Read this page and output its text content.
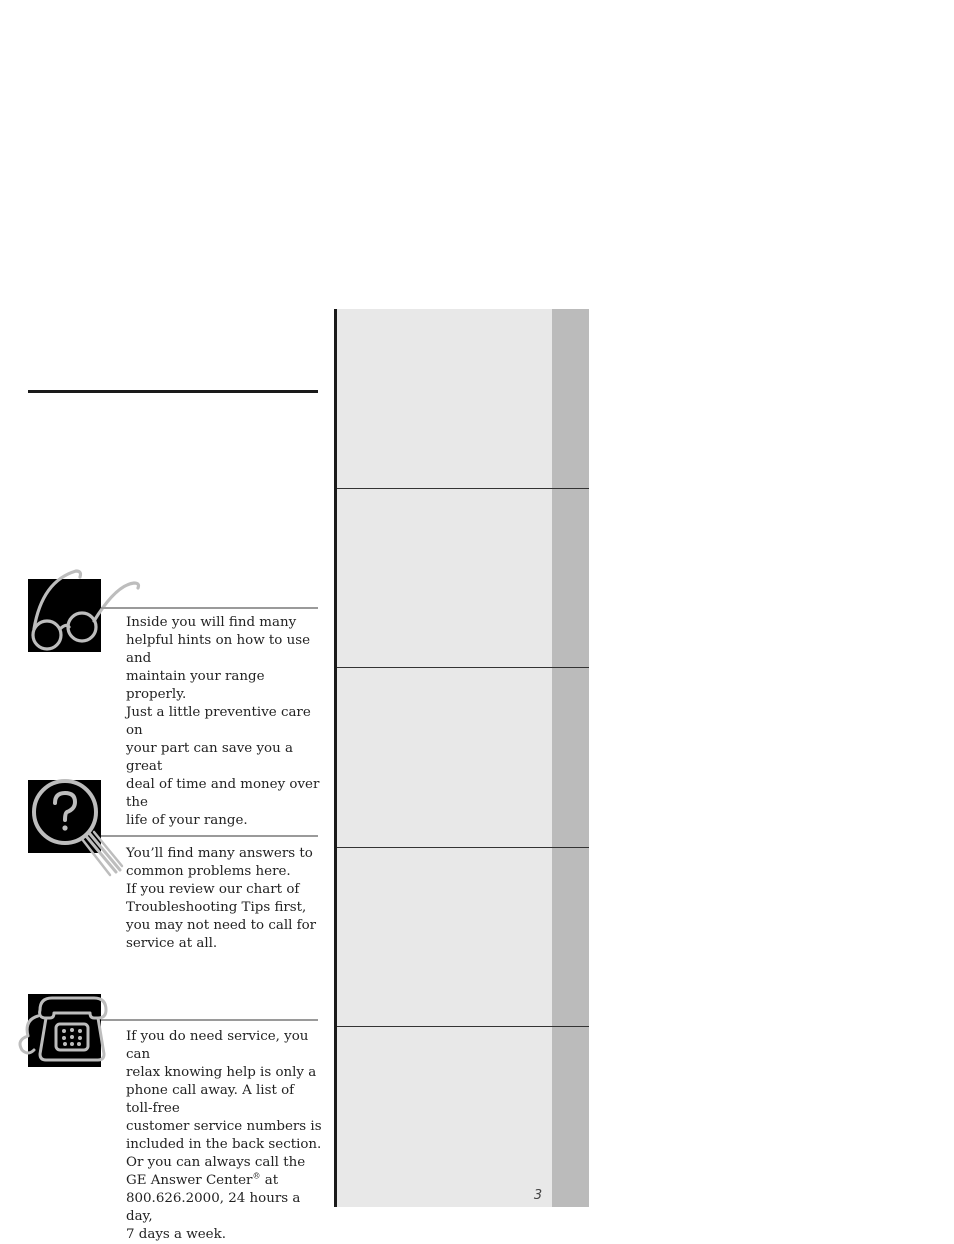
Inside you will find many

helpful hints on how to use and

maintain your range properly.

Just a little preventive care on

your part can save you a great

deal of time and money over the

life of your range.

You’ll find many answers to

common problems here.

If you review our chart of

Troubleshooting Tips first,

you may not need to call for

service at all.

If you do need service, you can

relax knowing help is only a

phone call away. A list of toll-free

customer service numbers is

included in the back section.

Or you can always call the

GE Answer Center® at

800.626.2000, 24 hours a day,

7 days a week.

3
